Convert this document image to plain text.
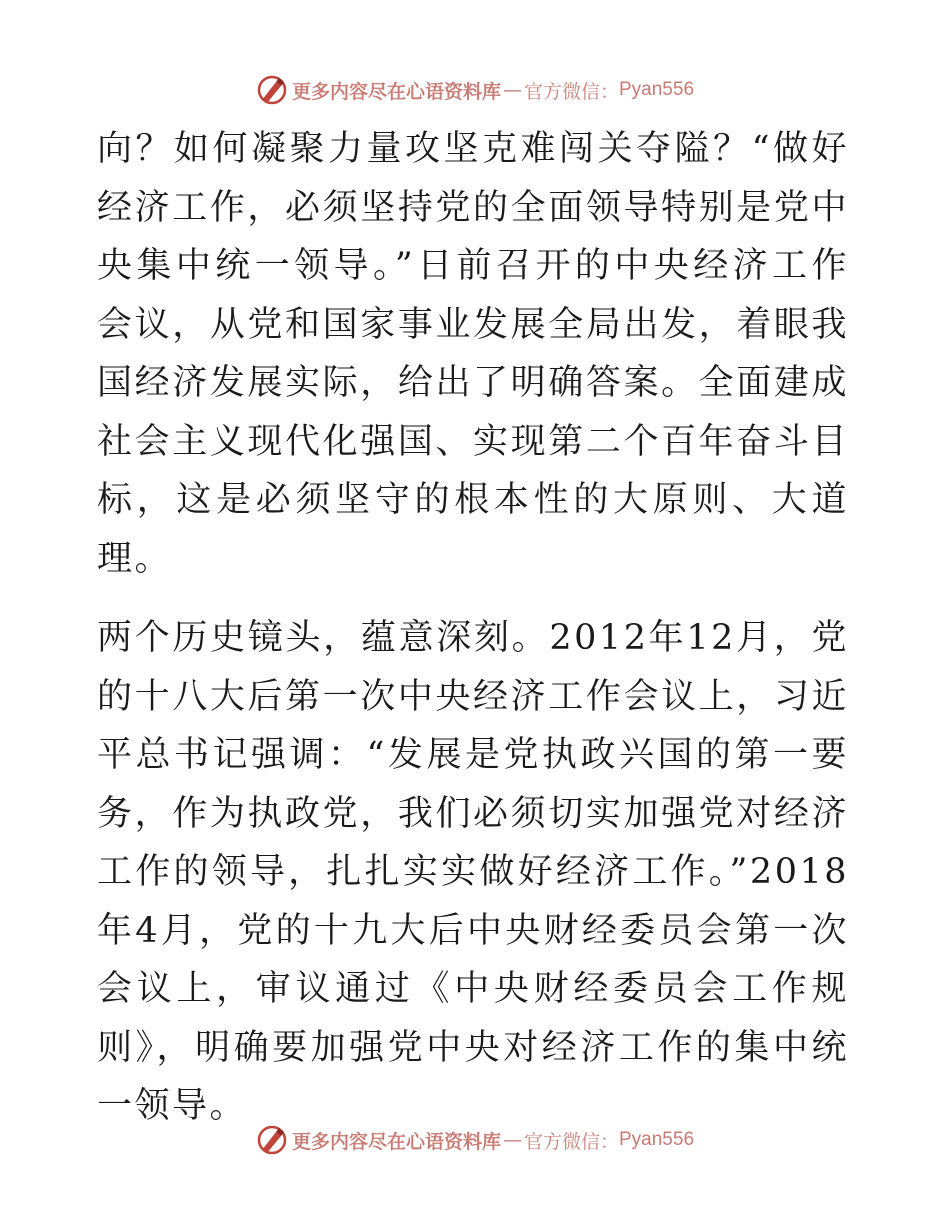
更多内容尽在心语资料库 — 官方微信： Pyan556

向？如何凝聚力量攻坚克难闯关夺隘？“做好经济工作，必须坚持党的全面领导特别是党中央集中统一领导。”日前召开的中央经济工作会议，从党和国家事业发展全局出发，着眼我国经济发展实际，给出了明确答案。全面建成社会主义现代化强国、实现第二个百年奋斗目标，这是必须坚守的根本性的大原则、大道理。

两个历史镜头，蕴意深刻。2012年12月，党的十八大后第一次中央经济工作会议上，习近平总书记强调：“发展是党执政兴国的第一要务，作为执政党，我们必须切实加强党对经济工作的领导，扎扎实实做好经济工作。”2018年4月，党的十九大后中央财经委员会第一次会议上，审议通过《中央财经委员会工作规则》，明确要加强党中央对经济工作的集中统一领导。

更多内容尽在心语资料库 — 官方微信： Pyan556
